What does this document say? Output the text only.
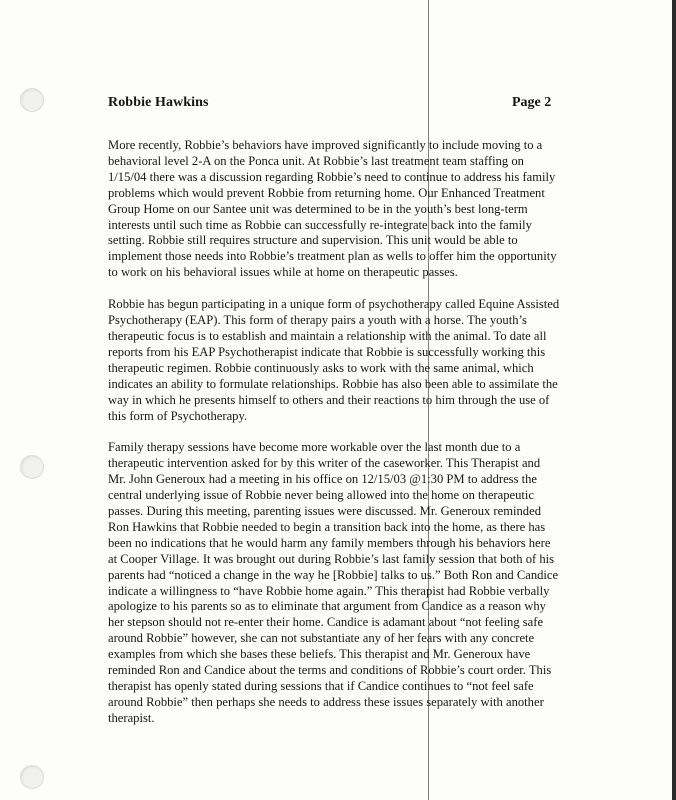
Robbie Hawkins	Page 2

More recently, Robbie’s behaviors have improved significantly to include moving to a
behavioral level 2-A on the Ponca unit. At Robbie’s last treatment team staffing on
1/15/04 there was a discussion regarding Robbie’s need to continue to address his family
problems which would prevent Robbie from returning home. Our Enhanced Treatment
Group Home on our Santee unit was determined to be in the youth’s best long-term
interests until such time as Robbie can successfully re-integrate back into the family
setting. Robbie still requires structure and supervision. This unit would be able to
implement those needs into Robbie’s treatment plan as wells to offer him the opportunity
to work on his behavioral issues while at home on therapeutic passes.

Robbie has begun participating in a unique form of psychotherapy called Equine Assisted
Psychotherapy (EAP). This form of therapy pairs a youth with a horse. The youth’s
therapeutic focus is to establish and maintain a relationship with the animal. To date all
reports from his EAP Psychotherapist indicate that Robbie is successfully working this
therapeutic regimen. Robbie continuously asks to work with the same animal, which
indicates an ability to formulate relationships. Robbie has also been able to assimilate the
way in which he presents himself to others and their reactions to him through the use of
this form of Psychotherapy.

Family therapy sessions have become more workable over the last month due to a
therapeutic intervention asked for by this writer of the caseworker. This Therapist and
Mr. John Generoux had a meeting in his office on 12/15/03 @1:30 PM to address the
central underlying issue of Robbie never being allowed into the home on therapeutic
passes. During this meeting, parenting issues were discussed. Mr. Generoux reminded
Ron Hawkins that Robbie needed to begin a transition back into the home, as there has
been no indications that he would harm any family members through his behaviors here
at Cooper Village. It was brought out during Robbie’s last family session that both of his
parents had “noticed a change in the way he [Robbie] talks to us.” Both Ron and Candice
indicate a willingness to “have Robbie home again.” This therapist had Robbie verbally
apologize to his parents so as to eliminate that argument from Candice as a reason why
her stepson should not re-enter their home. Candice is adamant about “not feeling safe
around Robbie” however, she can not substantiate any of her fears with any concrete
examples from which she bases these beliefs. This therapist and Mr. Generoux have
reminded Ron and Candice about the terms and conditions of Robbie’s court order. This
therapist has openly stated during sessions that if Candice continues to “not feel safe
around Robbie” then perhaps she needs to address these issues separately with another
therapist.
